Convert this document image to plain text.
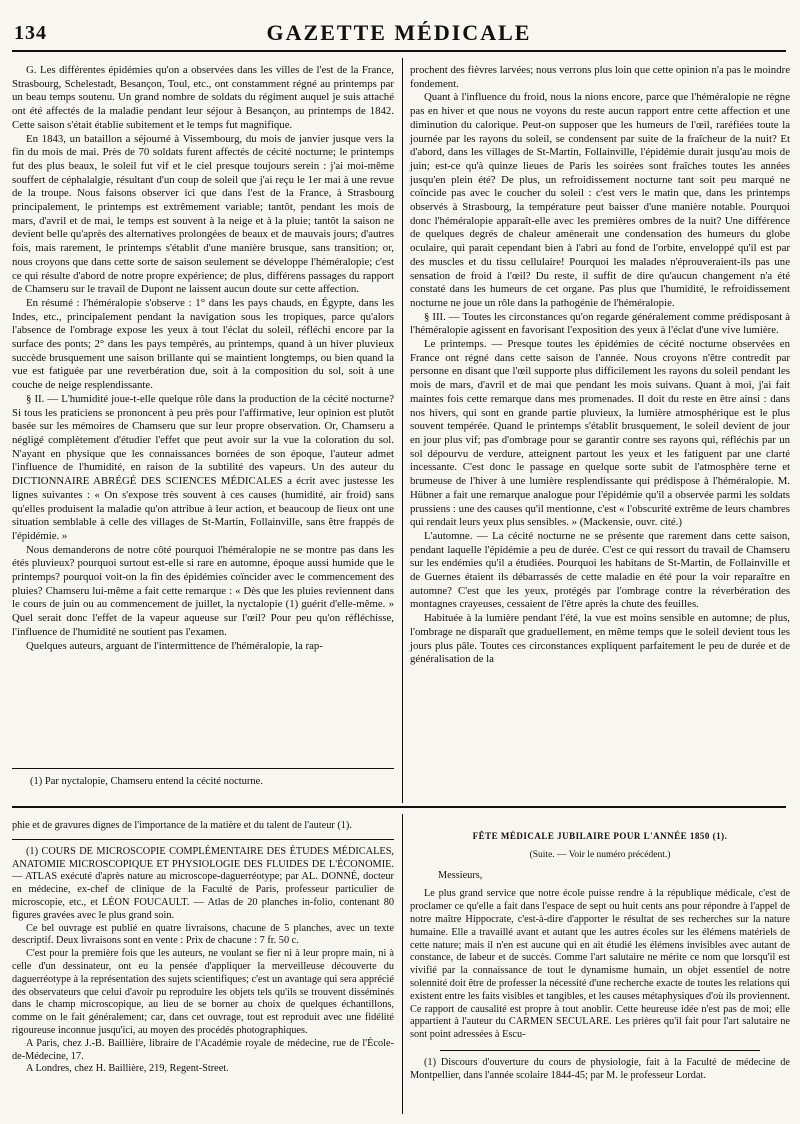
134	GAZETTE MÉDICALE

G. Les différentes épidémies qu'on a observées dans les villes de l'est de la France, Strasbourg, Schelestadt, Besançon, Toul, etc., ont constamment régné au printemps par un beau temps soutenu. Un grand nombre de soldats du régiment auquel je suis attaché ont été affectés de la maladie pendant leur séjour à Besançon, au printemps de 1842. Cette saison s'était établie subitement et le temps fut magnifique.

En 1843, un bataillon a séjourné à Vissembourg, du mois de janvier jusque vers la fin du mois de mai. Près de 70 soldats furent affectés de cécité nocturne; le printemps fut des plus beaux, le soleil fut vif et le ciel presque toujours serein : j'ai moi-même souffert de céphalalgie, résultant d'un coup de soleil que j'ai reçu le 1er mai à une revue de la troupe. Nous faisons observer ici que dans l'est de la France, à Strasbourg principalement, le printemps est extrêmement variable; tantôt, pendant les mois de mars, d'avril et de mai, le temps est souvent à la neige et à la pluie; tantôt la saison ne devient belle qu'après des alternatives prolongées de beaux et de mauvais jours; d'autres fois, mais rarement, le printemps s'établit d'une manière brusque, sans transition; or, nous croyons que dans cette sorte de saison seulement se développe l'héméralopie; c'est ce qui résulte d'abord de notre propre expérience; de plus, différens passages du rapport de Chamseru sur le travail de Dupont ne laissent aucun doute sur cette affection.

En résumé : l'héméralopie s'observe : 1° dans les pays chauds, en Égypte, dans les Indes, etc., principalement pendant la navigation sous les tropiques, parce qu'alors l'absence de l'ombrage expose les yeux à tout l'éclat du soleil, réfléchi encore par la surface des ponts; 2° dans les pays tempérés, au printemps, quand à un hiver pluvieux succède brusquement une saison brillante qui se maintient longtemps, ou bien quand la vue est fatiguée par une reverbération due, soit à la composition du sol, soit à une couche de neige resplendissante.

§ II. — L'humidité joue-t-elle quelque rôle dans la production de la cécité nocturne? Si tous les praticiens se prononcent à peu près pour l'affirmative, leur opinion est plutôt basée sur les mémoires de Chamseru que sur leur propre observation. Or, Chamseru a négligé complètement d'étudier l'effet que peut avoir sur la vue la coloration du sol. N'ayant en physique que les connaissances bornées de son époque, l'auteur admet l'influence de l'humidité, en raison de la subtilité des vapeurs. Un des auteur du DICTIONNAIRE ABRÉGÉ DES SCIENCES MÉDICALES a écrit avec justesse les lignes suivantes : « On s'expose très souvent à ces causes (humidité, air froid) sans qu'elles produisent la maladie qu'on attribue à leur action, et beaucoup de lieux ont une situation semblable à celle des villages de St-Martin, Follainville, sans être frappés de l'épidémie. »

Nous demanderons de notre côté pourquoi l'héméralopie ne se montre pas dans les étés pluvieux? pourquoi surtout est-elle si rare en automne, époque aussi humide que le printemps? pourquoi voit-on la fin des épidémies coïncider avec le commencement des pluies? Chamseru lui-même a fait cette remarque : « Dès que les pluies reviennent dans le cours de juin ou au commencement de juillet, la nyctalopie (1) guérit d'elle-même. » Quel serait donc l'effet de la vapeur aqueuse sur l'œil? Pour peu qu'on réfléchisse, l'influence de l'humidité ne soutient pas l'examen.

Quelques auteurs, arguant de l'intermittence de l'héméralopie, la rap-

(1) Par nyctalopie, Chamseru entend la cécité nocturne.

prochent des fièvres larvées; nous verrons plus loin que cette opinion n'a pas le moindre fondement.

Quant à l'influence du froid, nous la nions encore, parce que l'héméralopie ne règne pas en hiver et que nous ne voyons du reste aucun rapport entre cette affection et une diminution du calorique. Peut-on supposer que les humeurs de l'œil, raréfiées toute la journée par les rayons du soleil, se condensent par suite de la fraîcheur de la nuit? Et d'abord, dans les villages de St-Martin, Follainville, l'épidémie durait jusqu'au mois de juin; est-ce qu'à quinze lieues de Paris les soirées sont fraîches toutes les années jusqu'en plein été? De plus, un refroidissement nocturne tant soit peu marqué ne coïncide pas avec le coucher du soleil : c'est vers le matin que, dans les printemps observés à Strasbourg, la température peut baisser d'une manière notable. Pourquoi donc l'héméralopie apparaît-elle avec les premières ombres de la nuit? Une différence de quelques degrés de chaleur amènerait une condensation des humeurs du globe oculaire, qui parait cependant bien à l'abri au fond de l'orbite, enveloppé qu'il est par des muscles et du tissu cellulaire! Pourquoi les malades n'éprouveraient-ils pas une sensation de froid à l'œil? Du reste, il suffit de dire qu'aucun changement n'a été constaté dans les humeurs de cet organe. Pas plus que l'humidité, le refroidissement nocturne ne joue un rôle dans la pathogénie de l'héméralopie.

§ III. — Toutes les circonstances qu'on regarde généralement comme prédisposant à l'héméralopie agissent en favorisant l'exposition des yeux à l'éclat d'une vive lumière.

Le printemps. — Presque toutes les épidémies de cécité nocturne observées en France ont régné dans cette saison de l'année. Nous croyons n'être contredit par personne en disant que l'œil supporte plus difficilement les rayons du soleil pendant les mois de mars, d'avril et de mai que pendant les mois suivans. Quant à moi, j'ai fait maintes fois cette remarque dans mes promenades. Il doit du reste en être ainsi : dans nos hivers, qui sont en grande partie pluvieux, la lumière atmosphérique est le plus souvent tempérée. Quand le printemps s'établit brusquement, le soleil devient de jour en jour plus vif; pas d'ombrage pour se garantir contre ses rayons qui, réfléchis par un sol dépourvu de verdure, atteignent partout les yeux et les fatiguent par une clarté incessante. C'est donc le passage en quelque sorte subit de l'atmosphère terne et brumeuse de l'hiver à une lumière resplendissante qui prédispose à l'héméralopie. M. Hübner a fait une remarque analogue pour l'épidémie qu'il a observée parmi les soldats prussiens : une des causes qu'il mentionne, c'est « l'obscurité extrême de leurs chambres qui rendait leurs yeux plus sensibles. » (Mackensie, ouvr. cité.)

L'automne. — La cécité nocturne ne se présente que rarement dans cette saison, pendant laquelle l'épidémie a peu de durée. C'est ce qui ressort du travail de Chamseru sur les endémies qu'il a étudiées. Pourquoi les habitans de St-Martin, de Follainville et de Guernes étaient ils débarrassés de cette maladie en été pour la voir reparaître en automne? C'est que les yeux, protégés par l'ombrage contre la réverbération des montagnes crayeuses, cessaient de l'être après la chute des feuilles.

Habituée à la lumière pendant l'été, la vue est moins sensible en automne; de plus, l'ombrage ne disparaît que graduellement, en même temps que le soleil devient tous les jours plus pâle. Toutes ces circonstances expliquent parfaitement le peu de durée et de généralisation de la

phie et de gravures dignes de l'importance de la matière et du talent de l'auteur (1).

(1) COURS DE MICROSCOPIE COMPLÉMENTAIRE DES ÉTUDES MÉDICALES, ANATOMIE MICROSCOPIQUE ET PHYSIOLOGIE DES FLUIDES DE L'ÉCONOMIE. — ATLAS exécuté d'après nature au microscope-daguerréotype; par AL. DONNÉ, docteur en médecine, ex-chef de clinique de la Faculté de Paris, professeur particulier de microscopie, etc., et LÉON FOUCAULT. — Atlas de 20 planches in-folio, contenant 80 figures gravées avec le plus grand soin.

Ce bel ouvrage est publié en quatre livraisons, chacune de 5 planches, avec un texte descriptif. Deux livraisons sont en vente : Prix de chacune : 7 fr. 50 c.

C'est pour la première fois que les auteurs, ne voulant se fier ni à leur propre main, ni à celle d'un dessinateur, ont eu la pensée d'appliquer la merveilleuse découverte du daguerréotype à la représentation des sujets scientifiques; c'est un avantage qui sera apprécié des observateurs que celui d'avoir pu reproduire les objets tels qu'ils se trouvent disséminés dans le champ microscopique, au lieu de se borner au choix de quelques échantillons, comme on le fait généralement; car, dans cet ouvrage, tout est reproduit avec une fidélité rigoureuse inconnue jusqu'ici, au moyen des procédés photographiques.

A Paris, chez J.-B. Baillière, libraire de l'Académie royale de médecine, rue de l'École-de-Médecine, 17.

A Londres, chez H. Baillière, 219, Regent-Street.

FÊTE MÉDICALE JUBILAIRE POUR L'ANNÉE 1850 (1).
(Suite. — Voir le numéro précédent.)

Messieurs,

Le plus grand service que notre école puisse rendre à la république médicale, c'est de proclamer ce qu'elle a fait dans l'espace de sept ou huit cents ans pour répondre à l'appel de notre maître Hippocrate, c'est-à-dire d'apporter le résultat de ses recherches sur la nature humaine. Elle a travaillé avant et autant que les autres écoles sur les élémens matériels de cette nature; mais il n'en est aucune qui en ait étudié les élémens invisibles avec autant de constance, de labeur et de succès. Comme l'art salutaire ne mérite ce nom que lorsqu'il est vivifié par la connaissance de tout le dynamisme humain, un objet essentiel de notre solennité doit être de professer la nécessité d'une recherche exacte de toutes les relations qui existent entre les faits visibles et tangibles, et les causes métaphysiques d'où ils proviennent. Ce rapport de causalité est propre à tout anoblir. Cette heureuse idée n'est pas de moi; elle appartient à l'auteur du CARMEN SECULARE. Les prières qu'il fait pour l'art salutaire ne sont point adressées à Escu-

(1) Discours d'ouverture du cours de physiologie, fait à la Faculté de médecine de Montpellier, dans l'année scolaire 1844-45; par M. le professeur Lordat.
